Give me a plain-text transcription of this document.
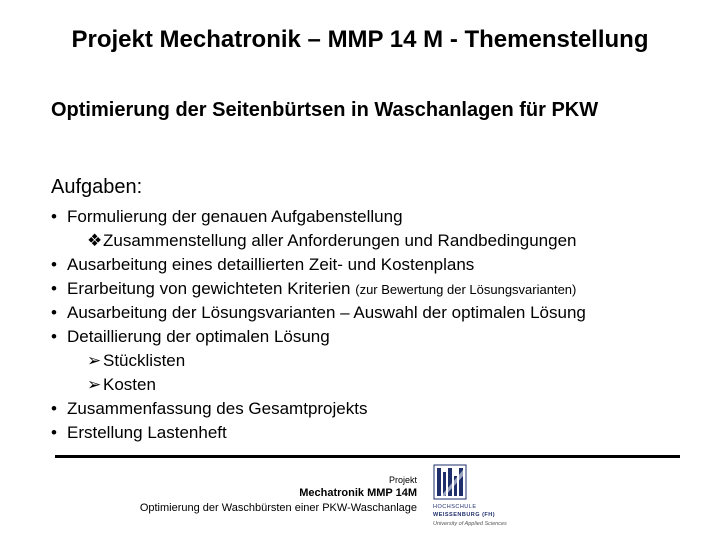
Projekt Mechatronik – MMP 14 M - Themenstellung
Optimierung der Seitenbürtsen in Waschanlagen für PKW
Aufgaben:
• Formulierung der genauen Aufgabenstellung
❖Zusammenstellung aller Anforderungen und Randbedingungen
• Ausarbeitung eines detaillierten Zeit- und Kostenplans
• Erarbeitung von gewichteten Kriterien (zur Bewertung der Lösungsvarianten)
• Ausarbeitung der Lösungsvarianten – Auswahl der optimalen Lösung
• Detaillierung der optimalen Lösung
➢ Stücklisten
➢ Kosten
• Zusammenfassung des Gesamtprojekts
• Erstellung Lastenheft
Projekt
Mechatronik MMP 14M
Optimierung der Waschbürsten einer PKW-Waschanlage	HOCHSCHULE
WEISSENBURG (FH)
University of Applied Sciences
